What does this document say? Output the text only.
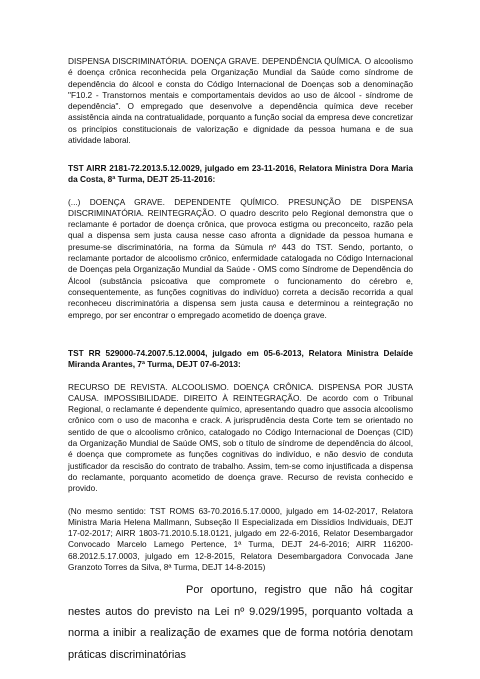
DISPENSA DISCRIMINATÓRIA. DOENÇA GRAVE. DEPENDÊNCIA QUÍMICA. O alcoolismo é doença crônica reconhecida pela Organização Mundial da Saúde como síndrome de dependência do álcool e consta do Código Internacional de Doenças sob a denominação "F10.2 - Transtornos mentais e comportamentais devidos ao uso de álcool - síndrome de dependência". O empregado que desenvolve a dependência química deve receber assistência ainda na contratualidade, porquanto a função social da empresa deve concretizar os princípios constitucionais de valorização e dignidade da pessoa humana e de sua atividade laboral.

TST AIRR 2181-72.2013.5.12.0029, julgado em 23-11-2016, Relatora Ministra Dora Maria da Costa, 8ª Turma, DEJT 25-11-2016:

(...) DOENÇA GRAVE. DEPENDENTE QUÍMICO. PRESUNÇÃO DE DISPENSA DISCRIMINATÓRIA. REINTEGRAÇÃO. O quadro descrito pelo Regional demonstra que o reclamante é portador de doença crônica, que provoca estigma ou preconceito, razão pela qual a dispensa sem justa causa nesse caso afronta a dignidade da pessoa humana e presume-se discriminatória, na forma da Súmula nº 443 do TST. Sendo, portanto, o reclamante portador de alcoolismo crônico, enfermidade catalogada no Código Internacional de Doenças pela Organização Mundial da Saúde - OMS como Síndrome de Dependência do Álcool (substância psicoativa que compromete o funcionamento do cérebro e, consequentemente, as funções cognitivas do indivíduo) correta a decisão recorrida a qual reconheceu discriminatória a dispensa sem justa causa e determinou a reintegração no emprego, por ser encontrar o empregado acometido de doença grave.

TST RR 529000-74.2007.5.12.0004, julgado em 05-6-2013, Relatora Ministra Delaíde Miranda Arantes, 7ª Turma, DEJT 07-6-2013:

RECURSO DE REVISTA. ALCOOLISMO. DOENÇA CRÔNICA. DISPENSA POR JUSTA CAUSA. IMPOSSIBILIDADE. DIREITO À REINTEGRAÇÃO. De acordo com o Tribunal Regional, o reclamante é dependente químico, apresentando quadro que associa alcoolismo crônico com o uso de maconha e crack. A jurisprudência desta Corte tem se orientado no sentido de que o alcoolismo crônico, catalogado no Código Internacional de Doenças (CID) da Organização Mundial de Saúde OMS, sob o título de síndrome de dependência do álcool, é doença que compromete as funções cognitivas do indivíduo, e não desvio de conduta justificador da rescisão do contrato de trabalho. Assim, tem-se como injustificada a dispensa do reclamante, porquanto acometido de doença grave. Recurso de revista conhecido e provido.

(No mesmo sentido: TST ROMS 63-70.2016.5.17.0000, julgado em 14-02-2017, Relatora Ministra Maria Helena Mallmann, Subseção II Especializada em Dissídios Individuais, DEJT 17-02-2017; AIRR 1803-71.2010.5.18.0121, julgado em 22-6-2016, Relator Desembargador Convocado Marcelo Lamego Pertence, 1ª Turma, DEJT 24-6-2016; AIRR 116200-68.2012.5.17.0003, julgado em 12-8-2015, Relatora Desembargadora Convocada Jane Granzoto Torres da Silva, 8ª Turma, DEJT 14-8-2015)

Por oportuno, registro que não há cogitar nestes autos do previsto na Lei nº 9.029/1995, porquanto voltada a norma a inibir a realização de exames que de forma notória denotam práticas discriminatórias
